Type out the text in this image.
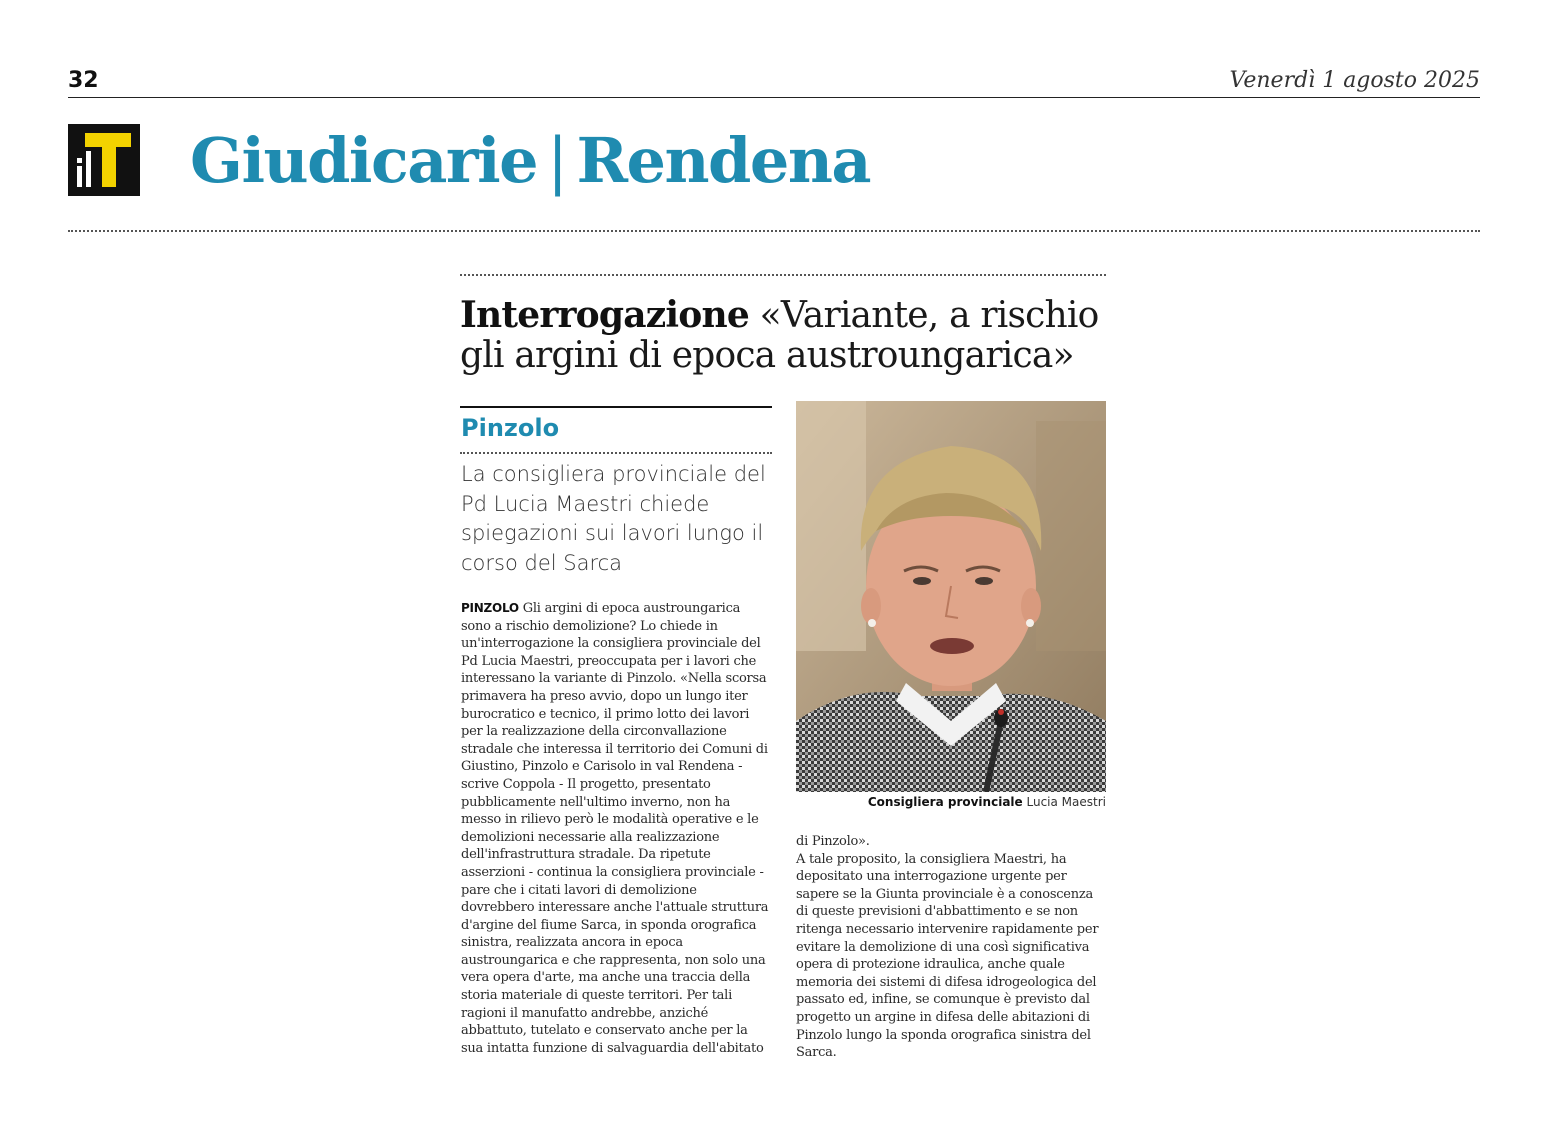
32	Venerdì 1 agosto 2025
Giudicarie | Rendena
Interrogazione «Variante, a rischio gli argini di epoca austroungarica»
Pinzolo
La consigliera provinciale del Pd Lucia Maestri chiede spiegazioni sui lavori lungo il corso del Sarca

PINZOLO Gli argini di epoca austroungarica sono a rischio demolizione? Lo chiede in un'interrogazione la consigliera provinciale del Pd Lucia Maestri, preoccupata per i lavori che interessano la variante di Pinzolo. «Nella scorsa primavera ha preso avvio, dopo un lungo iter burocratico e tecnico, il primo lotto dei lavori per la realizzazione della circonvallazione stradale che interessa il territorio dei Comuni di Giustino, Pinzolo e Carisolo in val Rendena - scrive Coppola - Il progetto, presentato pubblicamente nell'ultimo inverno, non ha messo in rilievo però le modalità operative e le demolizioni necessarie alla realizzazione dell'infrastruttura stradale. Da ripetute asserzioni - continua la consigliera provinciale - pare che i citati lavori di demolizione dovrebbero interessare anche l'attuale struttura d'argine del fiume Sarca, in sponda orografica sinistra, realizzata ancora in epoca austroungarica e che rappresenta, non solo una vera opera d'arte, ma anche una traccia della storia materiale di queste territori. Per tali ragioni il manufatto andrebbe, anziché abbattuto, tutelato e conservato anche per la sua intatta funzione di salvaguardia dell'abitato

Consigliera provinciale Lucia Maestri
di Pinzolo».
A tale proposito, la consigliera Maestri, ha depositato una interrogazione urgente per sapere se la Giunta provinciale è a conoscenza di queste previsioni d'abbattimento e se non ritenga necessario intervenire rapidamente per evitare la demolizione di una così significativa opera di protezione idraulica, anche quale memoria dei sistemi di difesa idrogeologica del passato ed, infine, se comunque è previsto dal progetto un argine in difesa delle abitazioni di Pinzolo lungo la sponda orografica sinistra del Sarca.
